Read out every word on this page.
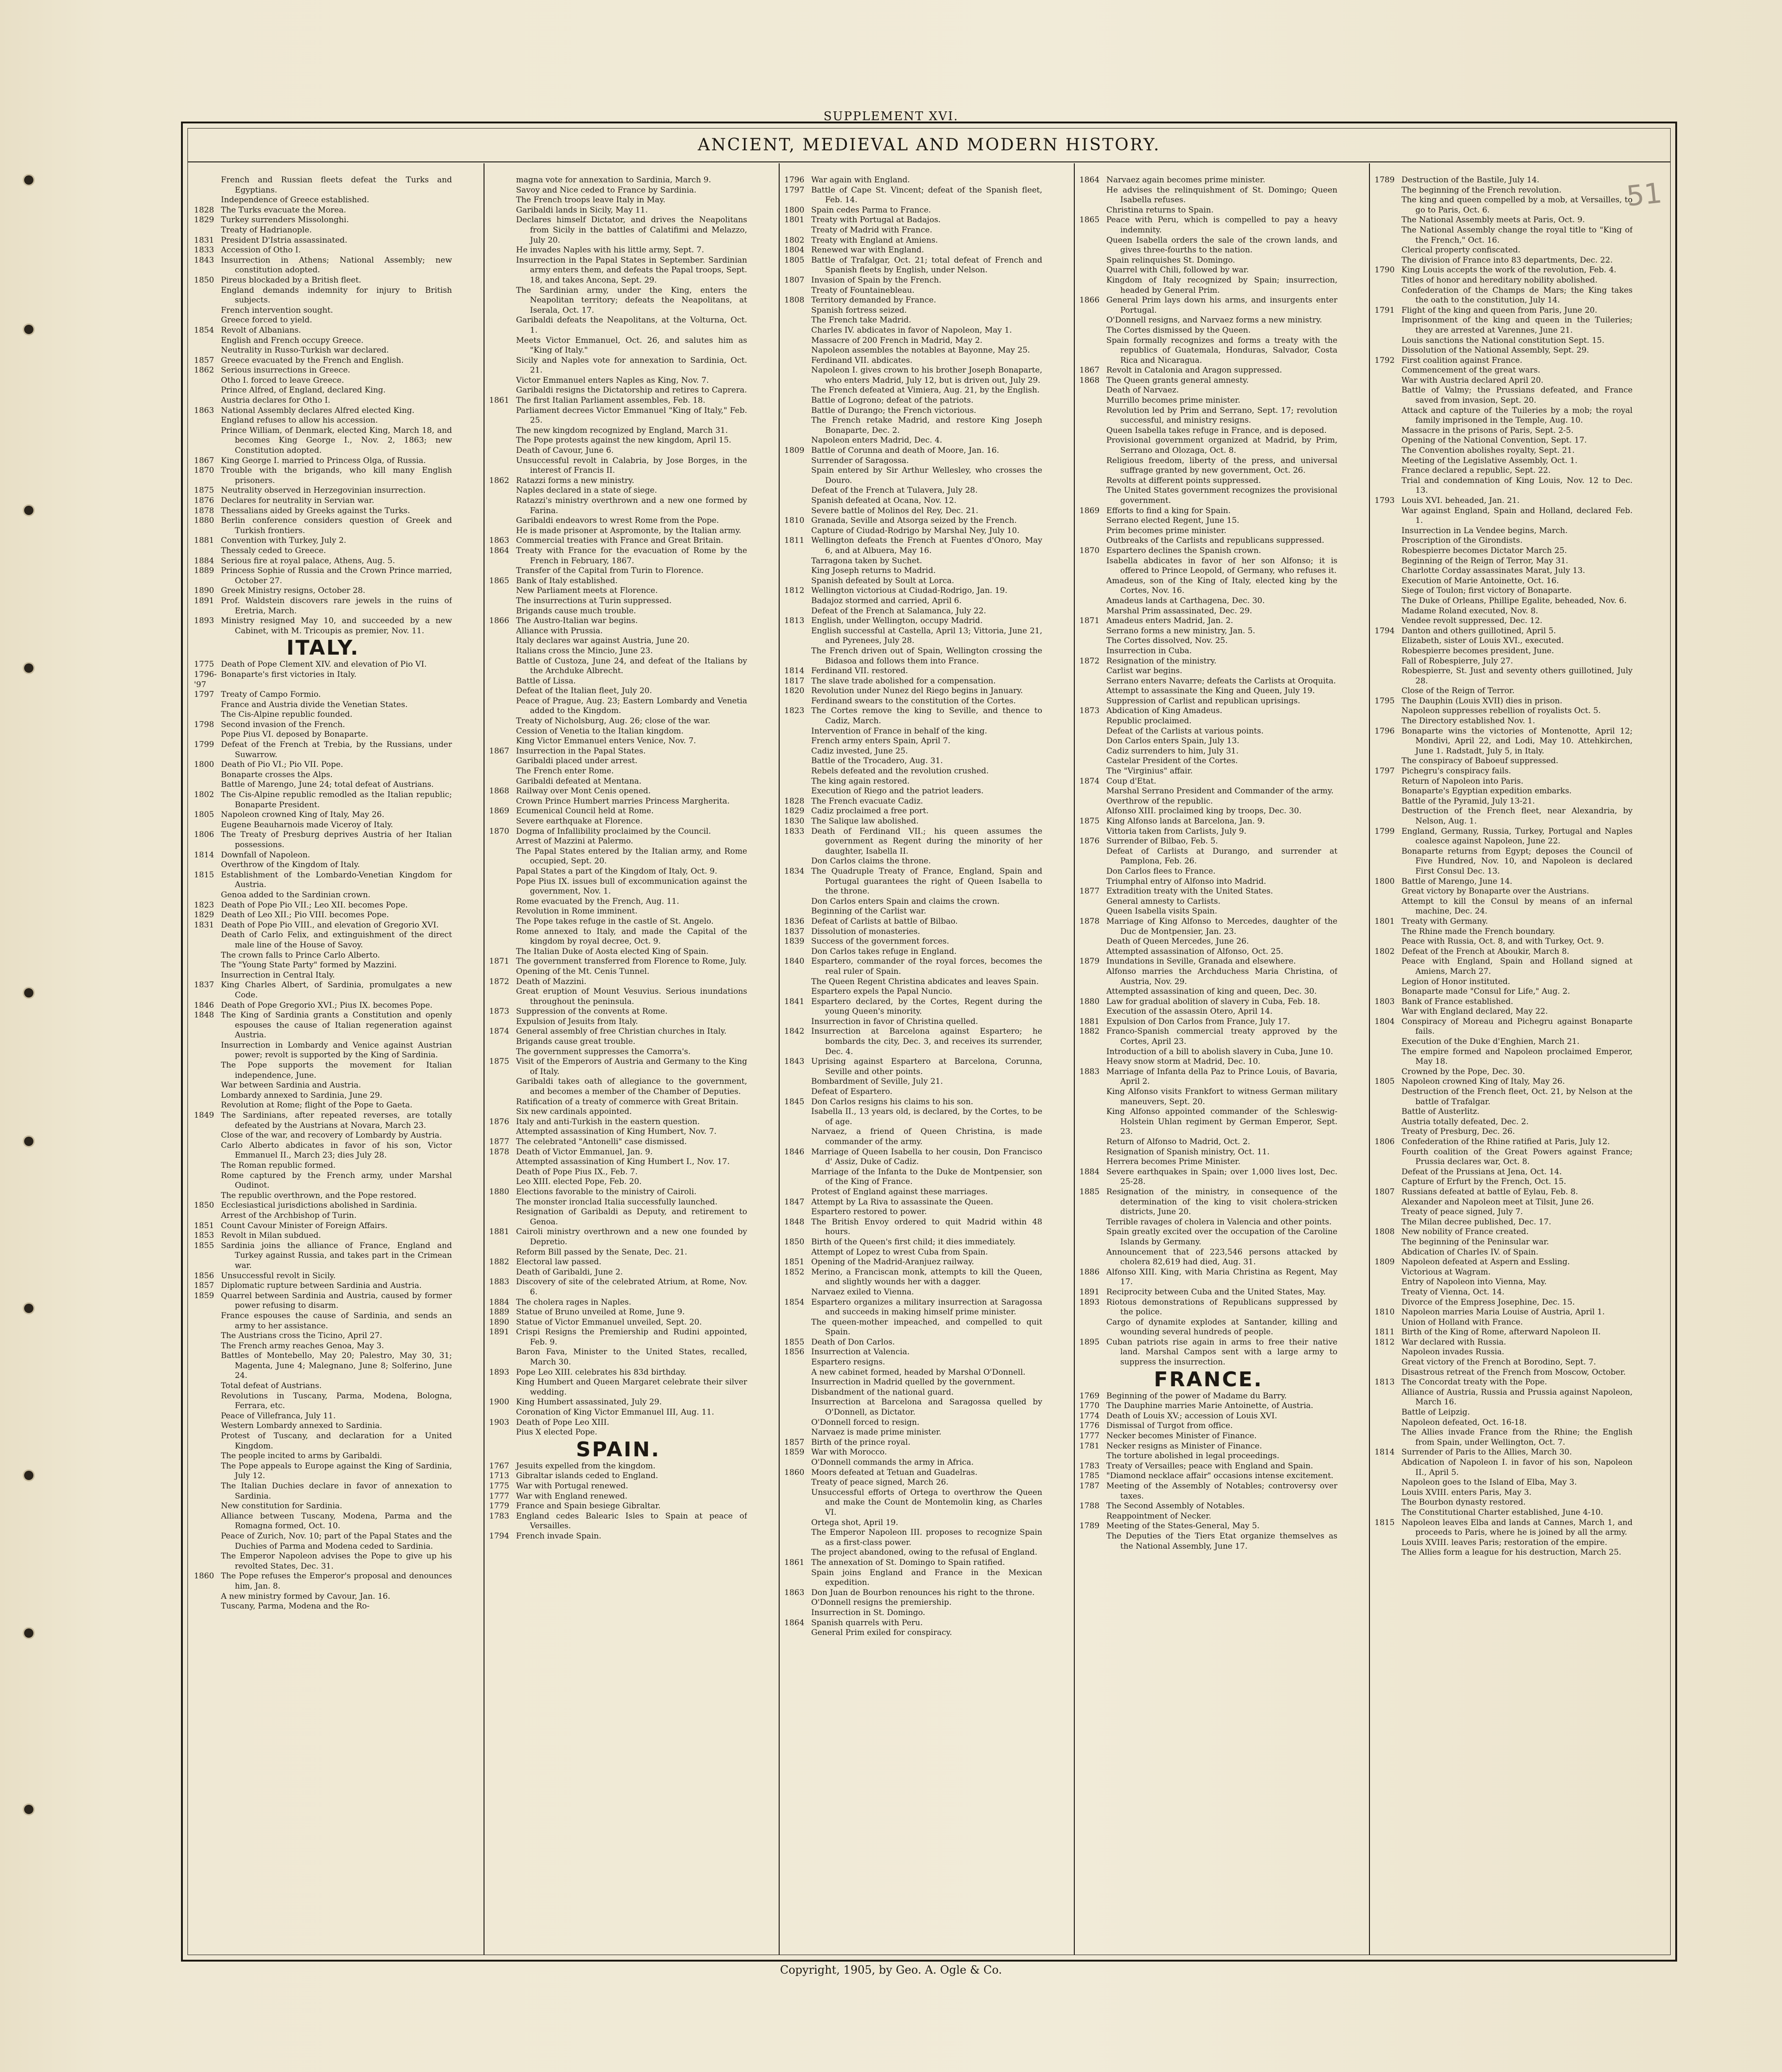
SUPPLEMENT XVI.
51
ANCIENT, MEDIEVAL AND MODERN HISTORY.
French and Russian fleets defeat the Turks and Egyptians.
Independence of Greece established.
1828 The Turks evacuate the Morea.
1829 Turkey surrenders Missolonghi.
Treaty of Hadrianople.
1831 President D'Istria assassinated.
1833 Accession of Otho I.
1843 Insurrection in Athens; National Assembly; new constitution adopted.
1850 Pireus blockaded by a British fleet.
England demands indemnity for injury to British subjects.
French intervention sought.
Greece forced to yield.
1854 Revolt of Albanians.
English and French occupy Greece.
Neutrality in Russo-Turkish war declared.
1857 Greece evacuated by the French and English.
1862 Serious insurrections in Greece.
Otho I. forced to leave Greece.
Prince Alfred, of England, declared King.
Austria declares for Otho I.
1863 National Assembly declares Alfred elected King.
England refuses to allow his accession.
Prince William, of Denmark, elected King, March 18, and becomes King George I., Nov. 2, 1863; new Constitution adopted.
1867 King George I. married to Princess Olga, of Russia.
1870 Trouble with the brigands, who kill many English prisoners.
1875 Neutrality observed in Herzegovinian insurrection.
1876 Declares for neutrality in Servian war.
1878 Thessalians aided by Greeks against the Turks.
1880 Berlin conference considers question of Greek and Turkish frontiers.
1881 Convention with Turkey, July 2.
Thessaly ceded to Greece.
1884 Serious fire at royal palace, Athens, Aug. 5.
1889 Princess Sophie of Russia and the Crown Prince married, October 27.
1890 Greek Ministry resigns, October 28.
1891 Prof. Waldstein discovers rare jewels in the ruins of Eretria, March.
1893 Ministry resigned May 10, and succeeded by a new Cabinet, with M. Tricoupis as premier, Nov. 11.
ITALY.
1775 Death of Pope Clement XIV. and elevation of Pio VI.
1796-'97
Bonaparte's first victories in Italy.
1797 Treaty of Campo Formio.
France and Austria divide the Venetian States.
The Cis-Alpine republic founded.
1798 Second invasion of the French.
Pope Pius VI. deposed by Bonaparte.
1799 Defeat of the French at Trebia, by the Russians, under Suwarrow.
1800 Death of Pio VI.; Pio VII. Pope.
Bonaparte crosses the Alps.
Battle of Marengo, June 24; total defeat of Austrians.
1802 The Cis-Alpine republic remodled as the Italian republic; Bonaparte President.
1805 Napoleon crowned King of Italy, May 26.
Eugene Beauharnois made Viceroy of Italy.
1806 The Treaty of Presburg deprives Austria of her Italian possessions.
1814 Downfall of Napoleon.
Overthrow of the Kingdom of Italy.
1815 Establishment of the Lombardo-Venetian Kingdom for Austria.
Genoa added to the Sardinian crown.
1823 Death of Pope Pio VII.; Leo XII. becomes Pope.
1829 Death of Leo XII.; Pio VIII. becomes Pope.
1831 Death of Pope Pio VIII., and elevation of Gregorio XVI.
Death of Carlo Felix, and extinguishment of the direct male line of the House of Savoy.
The crown falls to Prince Carlo Alberto.
The "Young State Party" formed by Mazzini.
Insurrection in Central Italy.
1837 King Charles Albert, of Sardinia, promulgates a new Code.
1846 Death of Pope Gregorio XVI.; Pius IX. becomes Pope.
1848 The King of Sardinia grants a Constitution and openly espouses the cause of Italian regeneration against Austria.
Insurrection in Lombardy and Venice against Austrian power; revolt is supported by the King of Sardinia.
The Pope supports the movement for Italian independence, June.
War between Sardinia and Austria.
Lombardy annexed to Sardinia, June 29.
Revolution at Rome; flight of the Pope to Gaeta.
1849 The Sardinians, after repeated reverses, are totally defeated by the Austrians at Novara, March 23.
Close of the war, and recovery of Lombardy by Austria.
Carlo Alberto abdicates in favor of his son, Victor Emmanuel II., March 23; dies July 28.
The Roman republic formed.
Rome captured by the French army, under Marshal Oudinot.
The republic overthrown, and the Pope restored.
1850 Ecclesiastical jurisdictions abolished in Sardinia.
Arrest of the Archbishop of Turin.
1851 Count Cavour Minister of Foreign Affairs.
1853 Revolt in Milan subdued.
1855 Sardinia joins the alliance of France, England and Turkey against Russia, and takes part in the Crimean war.
1856 Unsuccessful revolt in Sicily.
1857 Diplomatic rupture between Sardinia and Austria.
1859 Quarrel between Sardinia and Austria, caused by former power refusing to disarm.
France espouses the cause of Sardinia, and sends an army to her assistance.
The Austrians cross the Ticino, April 27.
The French army reaches Genoa, May 3.
Battles of Montebello, May 20; Palestro, May 30, 31; Magenta, June 4; Malegnano, June 8; Solferino, June 24.
Total defeat of Austrians.
Revolutions in Tuscany, Parma, Modena, Bologna, Ferrara, etc.
Peace of Villefranca, July 11.
Western Lombardy annexed to Sardinia.
Protest of Tuscany, and declaration for a United Kingdom.
The people incited to arms by Garibaldi.
The Pope appeals to Europe against the King of Sardinia, July 12.
The Italian Duchies declare in favor of annexation to Sardinia.
New constitution for Sardinia.
Alliance between Tuscany, Modena, Parma and the Romagna formed, Oct. 10.
Peace of Zurich, Nov. 10; part of the Papal States and the Duchies of Parma and Modena ceded to Sardinia.
The Emperor Napoleon advises the Pope to give up his revolted States, Dec. 31.
1860 The Pope refuses the Emperor's proposal and denounces him, Jan. 8.
A new ministry formed by Cavour, Jan. 16.
Tuscany, Parma, Modena and the Ro-
magna vote for annexation to Sardinia, March 9.
Savoy and Nice ceded to France by Sardinia.
The French troops leave Italy in May.
Garibaldi lands in Sicily, May 11.
Declares himself Dictator, and drives the Neapolitans from Sicily in the battles of Calatifimi and Melazzo, July 20.
He invades Naples with his little army, Sept. 7.
Insurrection in the Papal States in September. Sardinian army enters them, and defeats the Papal troops, Sept. 18, and takes Ancona, Sept. 29.
The Sardinian army, under the King, enters the Neapolitan territory; defeats the Neapolitans, at Iserala, Oct. 17.
Garibaldi defeats the Neapolitans, at the Volturna, Oct. 1.
Meets Victor Emmanuel, Oct. 26, and salutes him as "King of Italy."
Sicily and Naples vote for annexation to Sardinia, Oct. 21.
Victor Emmanuel enters Naples as King, Nov. 7.
Garibaldi resigns the Dictatorship and retires to Caprera.
1861 The first Italian Parliament assembles, Feb. 18.
Parliament decrees Victor Emmanuel "King of Italy," Feb. 25.
The new kingdom recognized by England, March 31.
The Pope protests against the new kingdom, April 15.
Death of Cavour, June 6.
Unsuccessful revolt in Calabria, by Jose Borges, in the interest of Francis II.
1862 Ratazzi forms a new ministry.
Naples declared in a state of siege.
Ratazzi's ministry overthrown and a new one formed by Farina.
Garibaldi endeavors to wrest Rome from the Pope.
He is made prisoner at Aspromonte, by the Italian army.
1863 Commercial treaties with France and Great Britain.
1864 Treaty with France for the evacuation of Rome by the French in February, 1867.
Transfer of the Capital from Turin to Florence.
1865 Bank of Italy established.
New Parliament meets at Florence.
The insurrections at Turin suppressed.
Brigands cause much trouble.
1866 The Austro-Italian war begins.
Alliance with Prussia.
Italy declares war against Austria, June 20.
Italians cross the Mincio, June 23.
Battle of Custoza, June 24, and defeat of the Italians by the Archduke Albrecht.
Battle of Lissa.
Defeat of the Italian fleet, July 20.
Peace of Prague, Aug. 23; Eastern Lombardy and Venetia added to the Kingdom.
Treaty of Nicholsburg, Aug. 26; close of the war.
Cession of Venetia to the Italian kingdom.
King Victor Emmanuel enters Venice, Nov. 7.
1867 Insurrection in the Papal States.
Garibaldi placed under arrest.
The French enter Rome.
Garibaldi defeated at Mentana.
1868 Railway over Mont Cenis opened.
Crown Prince Humbert marries Princess Margherita.
1869 Ecumenical Council held at Rome.
Severe earthquake at Florence.
1870 Dogma of Infallibility proclaimed by the Council.
Arrest of Mazzini at Palermo.
The Papal States entered by the Italian army, and Rome occupied, Sept. 20.
Papal States a part of the Kingdom of Italy, Oct. 9.
Pope Pius IX. issues bull of excommunication against the government, Nov. 1.
Rome evacuated by the French, Aug. 11.
Revolution in Rome imminent.
The Pope takes refuge in the castle of St. Angelo.
Rome annexed to Italy, and made the Capital of the kingdom by royal decree, Oct. 9.
The Italian Duke of Aosta elected King of Spain.
1871 The government transferred from Florence to Rome, July.
Opening of the Mt. Cenis Tunnel.
1872 Death of Mazzini.
Great eruption of Mount Vesuvius. Serious inundations throughout the peninsula.
1873 Suppression of the convents at Rome.
Expulsion of Jesuits from Italy.
1874 General assembly of free Christian churches in Italy.
Brigands cause great trouble.
The government suppresses the Camorra's.
1875 Visit of the Emperors of Austria and Germany to the King of Italy.
Garibaldi takes oath of allegiance to the government, and becomes a member of the Chamber of Deputies.
Ratification of a treaty of commerce with Great Britain.
Six new cardinals appointed.
1876 Italy and anti-Turkish in the eastern question.
Attempted assassination of King Humbert, Nov. 7.
1877 The celebrated "Antonelli" case dismissed.
1878 Death of Victor Emmanuel, Jan. 9.
Attempted assassination of King Humbert I., Nov. 17.
Death of Pope Pius IX., Feb. 7.
Leo XIII. elected Pope, Feb. 20.
1880 Elections favorable to the ministry of Cairoli.
The monster ironclad Italia successfully launched.
Resignation of Garibaldi as Deputy, and retirement to Genoa.
1881 Cairoli ministry overthrown and a new one founded by Depretio.
Reform Bill passed by the Senate, Dec. 21.
1882 Electoral law passed.
Death of Garibaldi, June 2.
1883 Discovery of site of the celebrated Atrium, at Rome, Nov. 6.
1884 The cholera rages in Naples.
1889 Statue of Bruno unveiled at Rome, June 9.
1890 Statue of Victor Emmanuel unveiled, Sept. 20.
1891 Crispi Resigns the Premiership and Rudini appointed, Feb. 9.
Baron Fava, Minister to the United States, recalled, March 30.
1893 Pope Leo XIII. celebrates his 83d birthday.
King Humbert and Queen Margaret celebrate their silver wedding.
1900 King Humbert assassinated, July 29.
Coronation of King Victor Emmanuel III, Aug. 11.
1903 Death of Pope Leo XIII.
Pius X elected Pope.
SPAIN.
1767 Jesuits expelled from the kingdom.
1713 Gibraltar islands ceded to England.
1775 War with Portugal renewed.
1777 War with England renewed.
1779 France and Spain besiege Gibraltar.
1783 England cedes Balearic Isles to Spain at peace of Versailles.
1794 French invade Spain.
1796 War again with England.
1797 Battle of Cape St. Vincent; defeat of the Spanish fleet, Feb. 14.
1800 Spain cedes Parma to France.
1801 Treaty with Portugal at Badajos.
Treaty of Madrid with France.
1802 Treaty with England at Amiens.
1804 Renewed war with England.
1805 Battle of Trafalgar, Oct. 21; total defeat of French and Spanish fleets by English, under Nelson.
1807 Invasion of Spain by the French.
Treaty of Fountainebleau.
1808 Territory demanded by France.
Spanish fortress seized.
The French take Madrid.
Charles IV. abdicates in favor of Napoleon, May 1.
Massacre of 200 French in Madrid, May 2.
Napoleon assembles the notables at Bayonne, May 25.
Ferdinand VII. abdicates.
Napoleon I. gives crown to his brother Joseph Bonaparte, who enters Madrid, July 12, but is driven out, July 29.
The French defeated at Vimiera, Aug. 21, by the English.
Battle of Logrono; defeat of the patriots.
Battle of Durango; the French victorious.
The French retake Madrid, and restore King Joseph Bonaparte, Dec. 2.
Napoleon enters Madrid, Dec. 4.
1809 Battle of Corunna and death of Moore, Jan. 16.
Surrender of Saragossa.
Spain entered by Sir Arthur Wellesley, who crosses the Douro.
Defeat of the French at Tulavera, July 28.
Spanish defeated at Ocana, Nov. 12.
Severe battle of Molinos del Rey, Dec. 21.
1810 Granada, Seville and Atsorga seized by the French.
Capture of Ciudad-Rodrigo by Marshal Ney, July 10.
1811 Wellington defeats the French at Fuentes d'Onoro, May 6, and at Albuera, May 16.
Tarragona taken by Suchet.
King Joseph returns to Madrid.
Spanish defeated by Soult at Lorca.
1812 Wellington victorious at Ciudad-Rodrigo, Jan. 19.
Badajoz stormed and carried, April 6.
Defeat of the French at Salamanca, July 22.
1813 English, under Wellington, occupy Madrid.
English successful at Castella, April 13; Vittoria, June 21, and Pyrenees, July 28.
The French driven out of Spain, Wellington crossing the Bidasoa and follows them into France.
1814 Ferdinand VII. restored.
1817 The slave trade abolished for a compensation.
1820 Revolution under Nunez del Riego begins in January.
Ferdinand swears to the constitution of the Cortes.
1823 The Cortes remove the king to Seville, and thence to Cadiz, March.
Intervention of France in behalf of the king.
French army enters Spain, April 7.
Cadiz invested, June 25.
Battle of the Trocadero, Aug. 31.
Rebels defeated and the revolution crushed.
The king again restored.
Execution of Riego and the patriot leaders.
1828 The French evacuate Cadiz.
1829 Cadiz proclaimed a free port.
1830 The Salique law abolished.
1833 Death of Ferdinand VII.; his queen assumes the government as Regent during the minority of her daughter, Isabella II.
Don Carlos claims the throne.
1834 The Quadruple Treaty of France, England, Spain and Portugal guarantees the right of Queen Isabella to the throne.
Don Carlos enters Spain and claims the crown.
Beginning of the Carlist war.
1836 Defeat of Carlists at battle of Bilbao.
1837 Dissolution of monasteries.
1839 Success of the government forces.
Don Carlos takes refuge in England.
1840 Espartero, commander of the royal forces, becomes the real ruler of Spain.
The Queen Regent Christina abdicates and leaves Spain.
Espartero expels the Papal Nuncio.
1841 Espartero declared, by the Cortes, Regent during the young Queen's minority.
Insurrection in favor of Christina quelled.
1842 Insurrection at Barcelona against Espartero; he bombards the city, Dec. 3, and receives its surrender, Dec. 4.
1843 Uprising against Espartero at Barcelona, Corunna, Seville and other points.
Bombardment of Seville, July 21.
Defeat of Espartero.
1845 Don Carlos resigns his claims to his son.
Isabella II., 13 years old, is declared, by the Cortes, to be of age.
Narvaez, a friend of Queen Christina, is made commander of the army.
1846 Marriage of Queen Isabella to her cousin, Don Francisco d' Assiz, Duke of Cadiz.
Marriage of the Infanta to the Duke de Montpensier, son of the King of France.
Protest of England against these marriages.
1847 Attempt by La Riva to assassinate the Queen.
Espartero restored to power.
1848 The British Envoy ordered to quit Madrid within 48 hours.
1850 Birth of the Queen's first child; it dies immediately.
Attempt of Lopez to wrest Cuba from Spain.
1851 Opening of the Madrid-Aranjuez railway.
1852 Merino, a Franciscan monk, attempts to kill the Queen, and slightly wounds her with a dagger.
Narvaez exiled to Vienna.
1854 Espartero organizes a military insurrection at Saragossa and succeeds in making himself prime minister.
The queen-mother impeached, and compelled to quit Spain.
1855 Death of Don Carlos.
1856 Insurrection at Valencia.
Espartero resigns.
A new cabinet formed, headed by Marshal O'Donnell.
Insurrection in Madrid quelled by the government.
Disbandment of the national guard.
Insurrection at Barcelona and Saragossa quelled by O'Donnell, as Dictator.
O'Donnell forced to resign.
Narvaez is made prime minister.
1857 Birth of the prince royal.
1859 War with Morocco.
O'Donnell commands the army in Africa.
1860 Moors defeated at Tetuan and Guadelras.
Treaty of peace signed, March 26.
Unsuccessful efforts of Ortega to overthrow the Queen and make the Count de Montemolin king, as Charles VI.
Ortega shot, April 19.
The Emperor Napoleon III. proposes to recognize Spain as a first-class power.
The project abandoned, owing to the refusal of England.
1861 The annexation of St. Domingo to Spain ratified.
Spain joins England and France in the Mexican expedition.
1863 Don Juan de Bourbon renounces his right to the throne.
O'Donnell resigns the premiership.
Insurrection in St. Domingo.
1864 Spanish quarrels with Peru.
General Prim exiled for conspiracy.
1864 Narvaez again becomes prime minister.
He advises the relinquishment of St. Domingo; Queen Isabella refuses.
Christina returns to Spain.
1865 Peace with Peru, which is compelled to pay a heavy indemnity.
Queen Isabella orders the sale of the crown lands, and gives three-fourths to the nation.
Spain relinquishes St. Domingo.
Quarrel with Chili, followed by war.
Kingdom of Italy recognized by Spain; insurrection, headed by General Prim.
1866 General Prim lays down his arms, and insurgents enter Portugal.
O'Donnell resigns, and Narvaez forms a new ministry.
The Cortes dismissed by the Queen.
Spain formally recognizes and forms a treaty with the republics of Guatemala, Honduras, Salvador, Costa Rica and Nicaragua.
1867 Revolt in Catalonia and Aragon suppressed.
1868 The Queen grants general amnesty.
Death of Narvaez.
Murrillo becomes prime minister.
Revolution led by Prim and Serrano, Sept. 17; revolution successful, and ministry resigns.
Queen Isabella takes refuge in France, and is deposed.
Provisional government organized at Madrid, by Prim, Serrano and Olozaga, Oct. 8.
Religious freedom, liberty of the press, and universal suffrage granted by new government, Oct. 26.
Revolts at different points suppressed.
The United States government recognizes the provisional government.
1869 Efforts to find a king for Spain.
Serrano elected Regent, June 15.
Prim becomes prime minister.
Outbreaks of the Carlists and republicans suppressed.
1870 Espartero declines the Spanish crown.
Isabella abdicates in favor of her son Alfonso; it is offered to Prince Leopold, of Germany, who refuses it.
Amadeus, son of the King of Italy, elected king by the Cortes, Nov. 16.
Amadeus lands at Carthagena, Dec. 30.
Marshal Prim assassinated, Dec. 29.
1871 Amadeus enters Madrid, Jan. 2.
Serrano forms a new ministry, Jan. 5.
The Cortes dissolved, Nov. 25.
Insurrection in Cuba.
1872 Resignation of the ministry.
Carlist war begins.
Serrano enters Navarre; defeats the Carlists at Oroquita.
Attempt to assassinate the King and Queen, July 19.
Suppression of Carlist and republican uprisings.
1873 Abdication of King Amadeus.
Republic proclaimed.
Defeat of the Carlists at various points.
Don Carlos enters Spain, July 13.
Cadiz surrenders to him, July 31.
Castelar President of the Cortes.
The "Virginius" affair.
1874 Coup d'Etat.
Marshal Serrano President and Commander of the army.
Overthrow of the republic.
Alfonso XIII. proclaimed king by troops, Dec. 30.
1875 King Alfonso lands at Barcelona, Jan. 9.
Vittoria taken from Carlists, July 9.
1876 Surrender of Bilbao, Feb. 5.
Defeat of Carlists at Durango, and surrender at Pamplona, Feb. 26.
Don Carlos flees to France.
Triumphal entry of Alfonso into Madrid.
1877 Extradition treaty with the United States.
General amnesty to Carlists.
Queen Isabella visits Spain.
1878 Marriage of King Alfonso to Mercedes, daughter of the Duc de Montpensier, Jan. 23.
Death of Queen Mercedes, June 26.
Attempted assassination of Alfonso, Oct. 25.
1879 Inundations in Seville, Granada and elsewhere.
Alfonso marries the Archduchess Maria Christina, of Austria, Nov. 29.
Attempted assassination of king and queen, Dec. 30.
1880 Law for gradual abolition of slavery in Cuba, Feb. 18.
Execution of the assassin Otero, April 14.
1881 Expulsion of Don Carlos from France, July 17.
1882 Franco-Spanish commercial treaty approved by the Cortes, April 23.
Introduction of a bill to abolish slavery in Cuba, June 10.
Heavy snow storm at Madrid, Dec. 10.
1883 Marriage of Infanta della Paz to Prince Louis, of Bavaria, April 2.
King Alfonso visits Frankfort to witness German military maneuvers, Sept. 20.
King Alfonso appointed commander of the Schleswig-Holstein Uhlan regiment by German Emperor, Sept. 23.
Return of Alfonso to Madrid, Oct. 2.
Resignation of Spanish ministry, Oct. 11.
Herrera becomes Prime Minister.
1884 Severe earthquakes in Spain; over 1,000 lives lost, Dec. 25-28.
1885 Resignation of the ministry, in consequence of the determination of the king to visit cholera-stricken districts, June 20.
Terrible ravages of cholera in Valencia and other points.
Spain greatly excited over the occupation of the Caroline Islands by Germany.
Announcement that of 223,546 persons attacked by cholera 82,619 had died, Aug. 31.
1886 Alfonso XIII. King, with Maria Christina as Regent, May 17.
1891 Reciprocity between Cuba and the United States, May.
1893 Riotous demonstrations of Republicans suppressed by the police.
Cargo of dynamite explodes at Santander, killing and wounding several hundreds of people.
1895 Cuban patriots rise again in arms to free their native land. Marshal Campos sent with a large army to suppress the insurrection.
FRANCE.
1769 Beginning of the power of Madame du Barry.
1770 The Dauphine marries Marie Antoinette, of Austria.
1774 Death of Louis XV.; accession of Louis XVI.
1776 Dismissal of Turgot from office.
1777 Necker becomes Minister of Finance.
1781 Necker resigns as Minister of Finance.
The torture abolished in legal proceedings.
1783 Treaty of Versailles; peace with England and Spain.
1785 "Diamond necklace affair" occasions intense excitement.
1787 Meeting of the Assembly of Notables; controversy over taxes.
1788 The Second Assembly of Notables.
Reappointment of Necker.
1789 Meeting of the States-General, May 5.
The Deputies of the Tiers Etat organize themselves as the National Assembly, June 17.
1789 Destruction of the Bastile, July 14.
The beginning of the French revolution.
The king and queen compelled by a mob, at Versailles, to go to Paris, Oct. 6.
The National Assembly meets at Paris, Oct. 9.
The National Assembly change the royal title to "King of the French," Oct. 16.
Clerical property confiscated.
The division of France into 83 departments, Dec. 22.
1790 King Louis accepts the work of the revolution, Feb. 4.
Titles of honor and hereditary nobility abolished.
Confederation of the Champs de Mars; the King takes the oath to the constitution, July 14.
1791 Flight of the king and queen from Paris, June 20.
Imprisonment of the king and queen in the Tuileries; they are arrested at Varennes, June 21.
Louis sanctions the National constitution Sept. 15.
Dissolution of the National Assembly, Sept. 29.
1792 First coalition against France.
Commencement of the great wars.
War with Austria declared April 20.
Battle of Valmy; the Prussians defeated, and France saved from invasion, Sept. 20.
Attack and capture of the Tuileries by a mob; the royal family imprisoned in the Temple, Aug. 10.
Massacre in the prisons of Paris, Sept. 2-5.
Opening of the National Convention, Sept. 17.
The Convention abolishes royalty, Sept. 21.
Meeting of the Legislative Assembly, Oct. 1.
France declared a republic, Sept. 22.
Trial and condemnation of King Louis, Nov. 12 to Dec. 13.
1793 Louis XVI. beheaded, Jan. 21.
War against England, Spain and Holland, declared Feb. 1.
Insurrection in La Vendee begins, March.
Proscription of the Girondists.
Robespierre becomes Dictator March 25.
Beginning of the Reign of Terror, May 31.
Charlotte Corday assassinates Marat, July 13.
Execution of Marie Antoinette, Oct. 16.
Siege of Toulon; first victory of Bonaparte.
The Duke of Orleans, Phillipe Egalite, beheaded, Nov. 6.
Madame Roland executed, Nov. 8.
Vendee revolt suppressed, Dec. 12.
1794 Danton and others guillotined, April 5.
Elizabeth, sister of Louis XVI., executed.
Robespierre becomes president, June.
Fall of Robespierre, July 27.
Robespierre, St. Just and seventy others guillotined, July 28.
Close of the Reign of Terror.
1795 The Dauphin (Louis XVII) dies in prison.
Napoleon suppresses rebellion of royalists Oct. 5.
The Directory established Nov. 1.
1796 Bonaparte wins the victories of Montenotte, April 12; Mondivi, April 22, and Lodi, May 10. Attehkirchen, June 1. Radstadt, July 5, in Italy.
The conspiracy of Baboeuf suppressed.
1797 Pichegru's conspiracy fails.
Return of Napoleon into Paris.
Bonaparte's Egyptian expedition embarks.
Battle of the Pyramid, July 13-21.
Destruction of the French fleet, near Alexandria, by Nelson, Aug. 1.
1799 England, Germany, Russia, Turkey, Portugal and Naples coalesce against Napoleon, June 22.
Bonaparte returns from Egypt; deposes the Council of Five Hundred, Nov. 10, and Napoleon is declared First Consul Dec. 13.
1800 Battle of Marengo, June 14.
Great victory by Bonaparte over the Austrians.
Attempt to kill the Consul by means of an infernal machine, Dec. 24.
1801 Treaty with Germany.
The Rhine made the French boundary.
Peace with Russia, Oct. 8, and with Turkey, Oct. 9.
1802 Defeat of the French at Aboukir, March 8.
Peace with England, Spain and Holland signed at Amiens, March 27.
Legion of Honor instituted.
Bonaparte made "Consul for Life," Aug. 2.
1803 Bank of France established.
War with England declared, May 22.
1804 Conspiracy of Moreau and Pichegru against Bonaparte fails.
Execution of the Duke d'Enghien, March 21.
The empire formed and Napoleon proclaimed Emperor, May 18.
Crowned by the Pope, Dec. 30.
1805 Napoleon crowned King of Italy, May 26.
Destruction of the French fleet, Oct. 21, by Nelson at the battle of Trafalgar.
Battle of Austerlitz.
Austria totally defeated, Dec. 2.
Treaty of Presburg, Dec. 26.
1806 Confederation of the Rhine ratified at Paris, July 12.
Fourth coalition of the Great Powers against France; Prussia declares war, Oct. 8.
Defeat of the Prussians at Jena, Oct. 14.
Capture of Erfurt by the French, Oct. 15.
1807 Russians defeated at battle of Eylau, Feb. 8.
Alexander and Napoleon meet at Tilsit, June 26.
Treaty of peace signed, July 7.
The Milan decree published, Dec. 17.
1808 New nobility of France created.
The beginning of the Peninsular war.
Abdication of Charles IV. of Spain.
1809 Napoleon defeated at Aspern and Essling.
Victorious at Wagram.
Entry of Napoleon into Vienna, May.
Treaty of Vienna, Oct. 14.
Divorce of the Empress Josephine, Dec. 15.
1810 Napoleon marries Maria Louise of Austria, April 1.
Union of Holland with France.
1811 Birth of the King of Rome, afterward Napoleon II.
1812 War declared with Russia.
Napoleon invades Russia.
Great victory of the French at Borodino, Sept. 7.
Disastrous retreat of the French from Moscow, October.
1813 The Concordat treaty with the Pope.
Alliance of Austria, Russia and Prussia against Napoleon, March 16.
Battle of Leipzig.
Napoleon defeated, Oct. 16-18.
The Allies invade France from the Rhine; the English from Spain, under Wellington, Oct. 7.
1814 Surrender of Paris to the Allies, March 30.
Abdication of Napoleon I. in favor of his son, Napoleon II., April 5.
Napoleon goes to the Island of Elba, May 3.
Louis XVIII. enters Paris, May 3.
The Bourbon dynasty restored.
The Constitutional Charter established, June 4-10.
1815 Napoleon leaves Elba and lands at Cannes, March 1, and proceeds to Paris, where he is joined by all the army.
Louis XVIII. leaves Paris; restoration of the empire.
The Allies form a league for his destruction, March 25.
Copyright, 1905, by Geo. A. Ogle & Co.
